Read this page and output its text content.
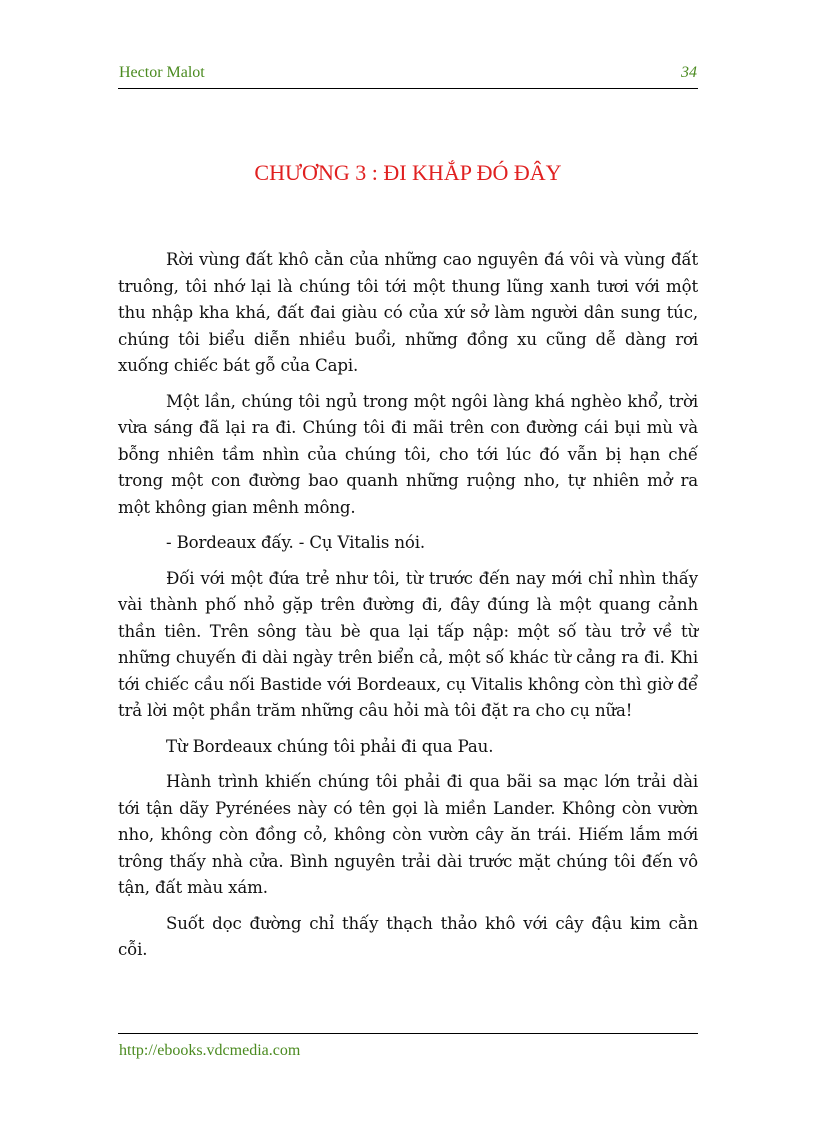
Hector Malot	34
CHƯƠNG 3 : ĐI KHẮP ĐÓ ĐÂY

Rời vùng đất khô cằn của những cao nguyên đá vôi và vùng đất truông, tôi nhớ lại là chúng tôi tới một thung lũng xanh tươi với một thu nhập kha khá, đất đai giàu có của xứ sở làm người dân sung túc, chúng tôi biểu diễn nhiều buổi, những đồng xu cũng dễ dàng rơi xuống chiếc bát gỗ của Capi.

Một lần, chúng tôi ngủ trong một ngôi làng khá nghèo khổ, trời vừa sáng đã lại ra đi. Chúng tôi đi mãi trên con đường cái bụi mù và bỗng nhiên tầm nhìn của chúng tôi, cho tới lúc đó vẫn bị hạn chế trong một con đường bao quanh những ruộng nho, tự nhiên mở ra một không gian mênh mông.

- Bordeaux đấy. - Cụ Vitalis nói.

Đối với một đứa trẻ như tôi, từ trước đến nay mới chỉ nhìn thấy vài thành phố nhỏ gặp trên đường đi, đây đúng là một quang cảnh thần tiên. Trên sông tàu bè qua lại tấp nập: một số tàu trở về từ những chuyến đi dài ngày trên biển cả, một số khác từ cảng ra đi. Khi tới chiếc cầu nối Bastide với Bordeaux, cụ Vitalis không còn thì giờ để trả lời một phần trăm những câu hỏi mà tôi đặt ra cho cụ nữa!

Từ Bordeaux chúng tôi phải đi qua Pau.

Hành trình khiến chúng tôi phải đi qua bãi sa mạc lớn trải dài tới tận dãy Pyrénées này có tên gọi là miền Lander. Không còn vườn nho, không còn đồng cỏ, không còn vườn cây ăn trái. Hiếm lắm mới trông thấy nhà cửa. Bình nguyên trải dài trước mặt chúng tôi đến vô tận, đất màu xám.

Suốt dọc đường chỉ thấy thạch thảo khô với cây đậu kim cằn cỗi.

http://ebooks.vdcmedia.com
